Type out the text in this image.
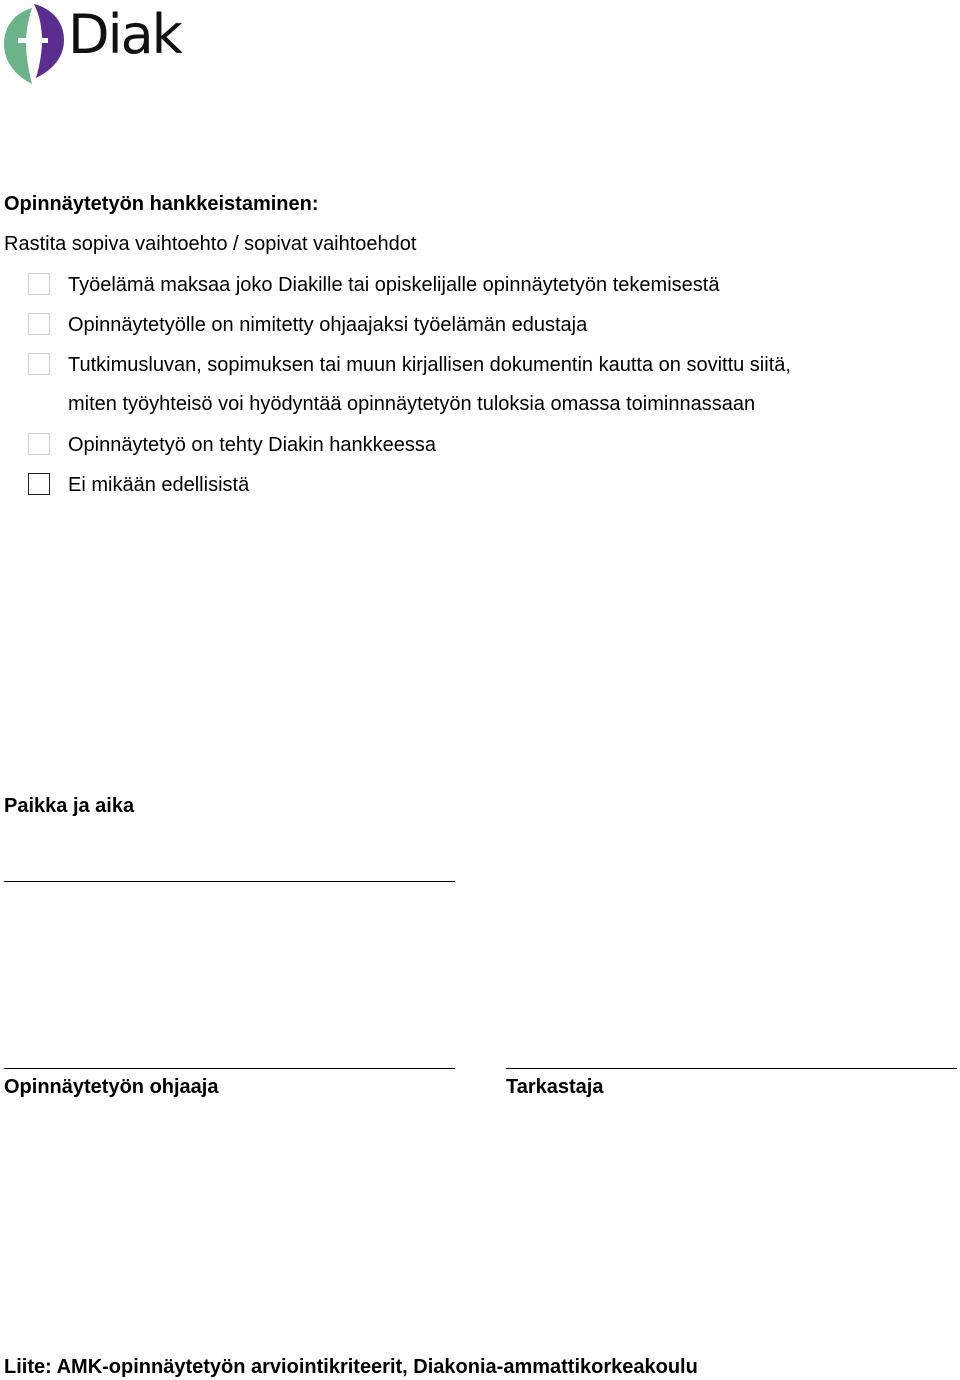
Diak
Opinnäytetyön hankkeistaminen:
Rastita sopiva vaihtoehto / sopivat vaihtoehdot
Työelämä maksaa joko Diakille tai opiskelijalle opinnäytetyön tekemisestä
Opinnäytetyölle on nimitetty ohjaajaksi työelämän edustaja
Tutkimusluvan, sopimuksen tai muun kirjallisen dokumentin kautta on sovittu siitä,
miten työyhteisö voi hyödyntää opinnäytetyön tuloksia omassa toiminnassaan
Opinnäytetyö on tehty Diakin hankkeessa
Ei mikään edellisistä
Paikka ja aika
Opinnäytetyön ohjaaja	Tarkastaja
Liite: AMK-opinnäytetyön arviointikriteerit, Diakonia-ammattikorkeakoulu
